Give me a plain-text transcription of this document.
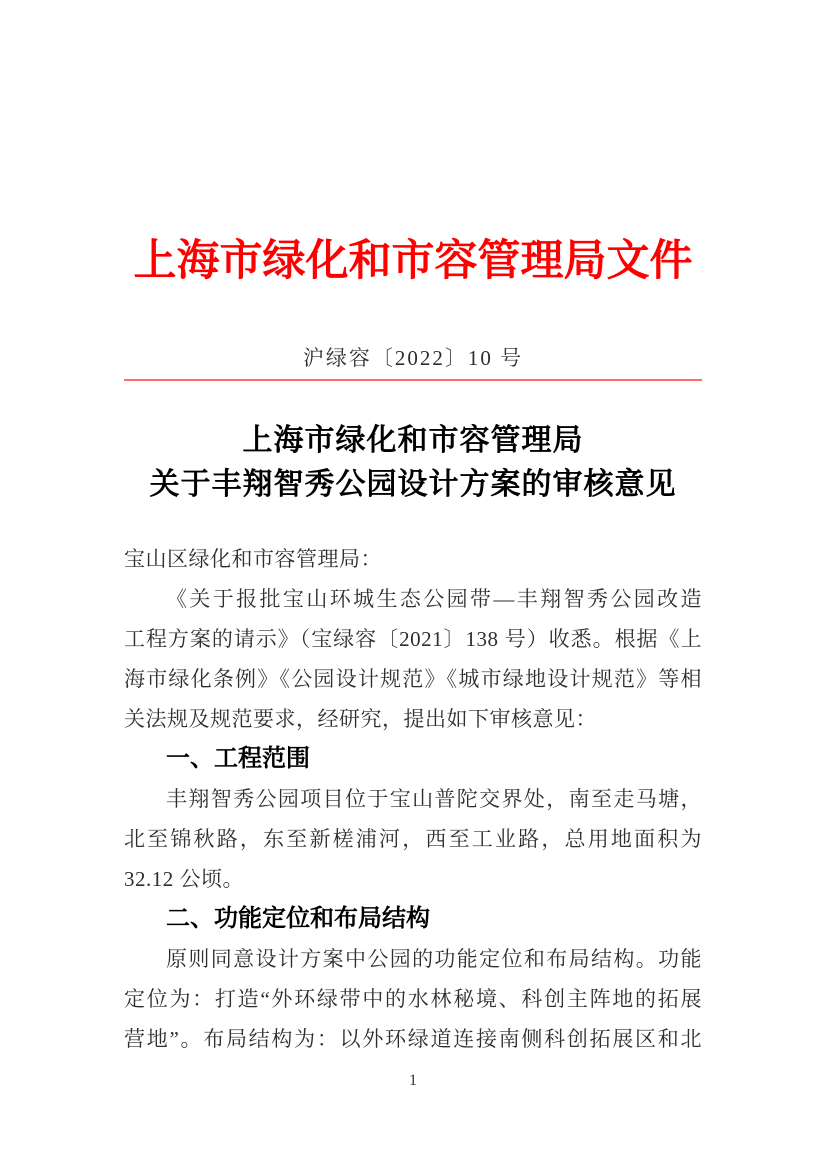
上海市绿化和市容管理局文件
沪绿容〔2022〕10 号
上海市绿化和市容管理局
关于丰翔智秀公园设计方案的审核意见
宝山区绿化和市容管理局：
《关于报批宝山环城生态公园带—丰翔智秀公园改造
工程方案的请示》（宝绿容〔2021〕138 号）收悉。根据《上
海市绿化条例》《公园设计规范》《城市绿地设计规范》等相
关法规及规范要求，经研究，提出如下审核意见：
一、工程范围
丰翔智秀公园项目位于宝山普陀交界处，南至走马塘，
北至锦秋路，东至新槎浦河，西至工业路，总用地面积为
32.12 公顷。
二、功能定位和布局结构
原则同意设计方案中公园的功能定位和布局结构。功能
定位为：打造“外环绿带中的水林秘境、科创主阵地的拓展
营地”。布局结构为：以外环绿道连接南侧科创拓展区和北
1
